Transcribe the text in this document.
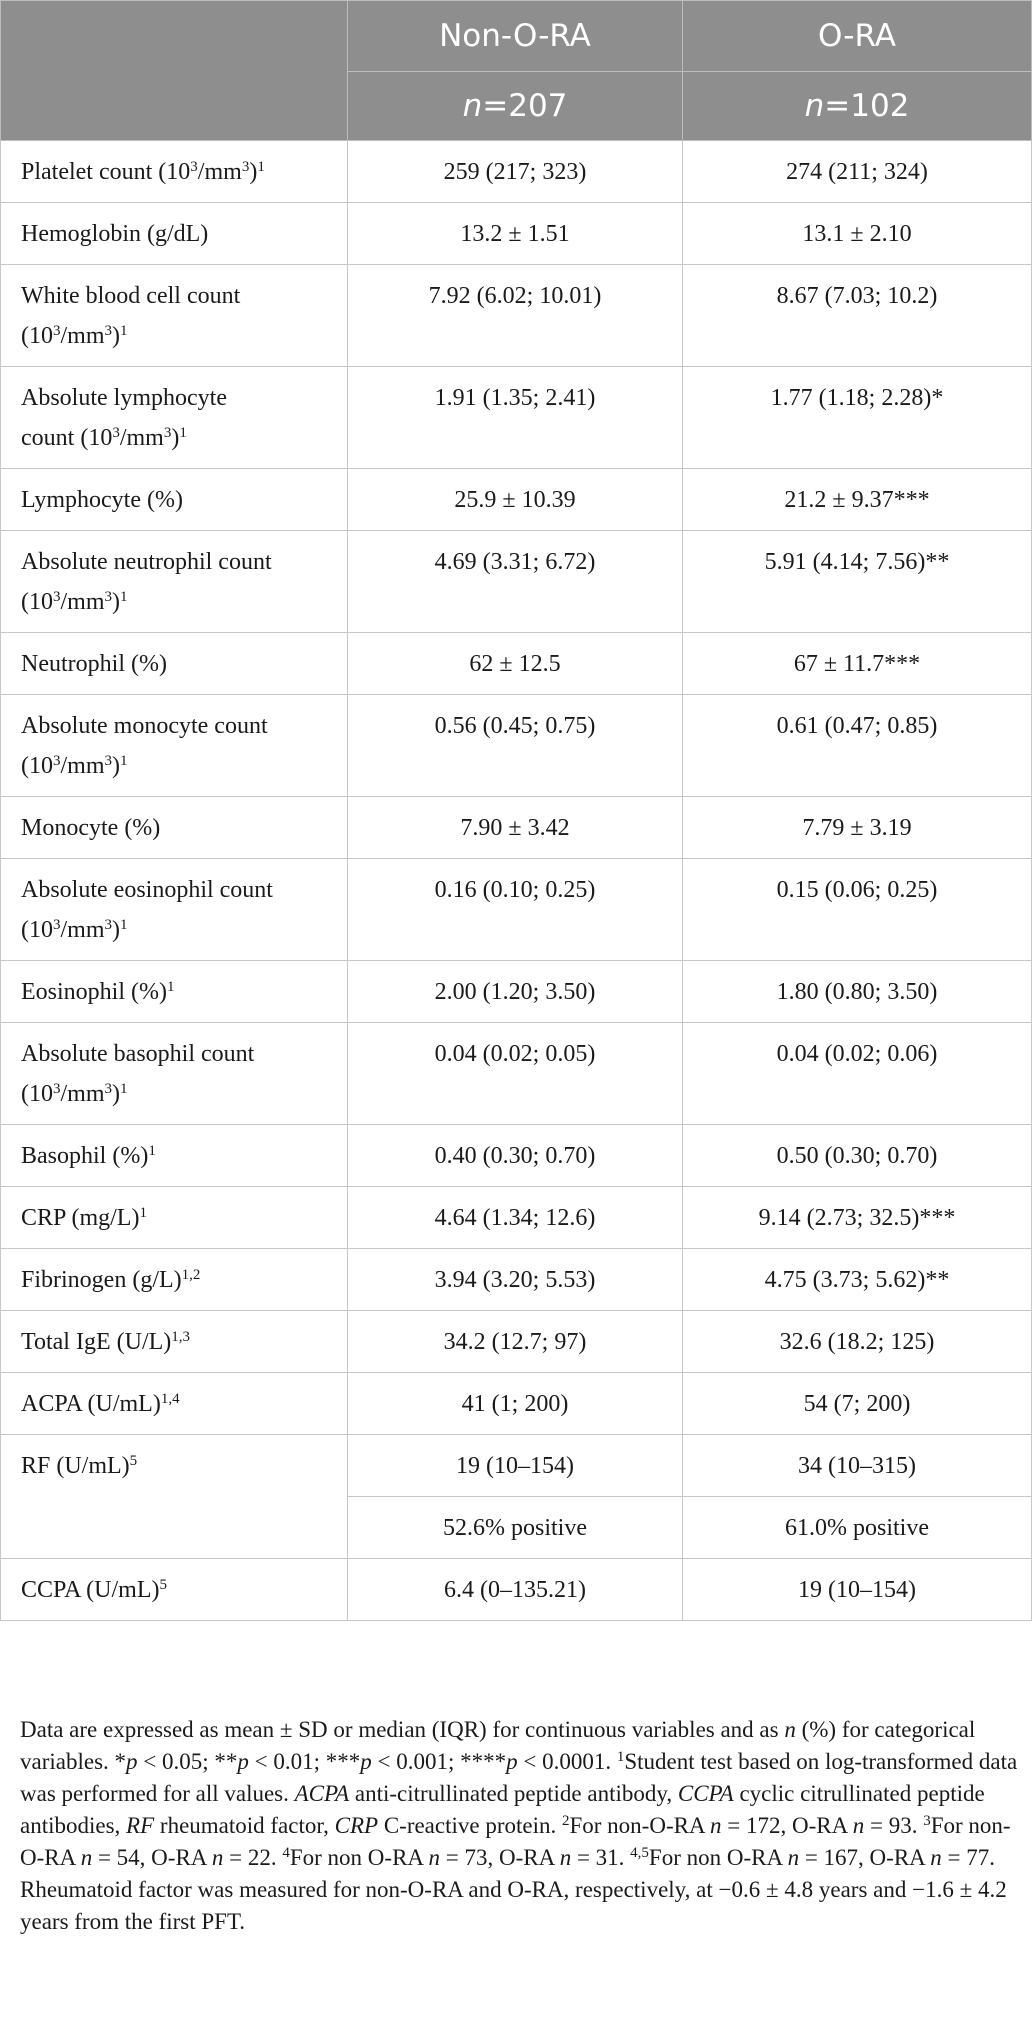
	Non-O-RA	O-RA
	n=207	n=102

Platelet count $(10^3/mm^3)^1$	259 (217; 323)	274 (211; 324)

Hemoglobin (g/dL)	13.2 ± 1.51	13.1 ± 2.10

White blood cell count
$(10^3/mm^3)^1$	7.92 (6.02; 10.01)	8.67 (7.03; 10.2)

Absolute lymphocyte
count $(10^3/mm^3)^1$	1.91 (1.35; 2.41)	1.77 (1.18; 2.28)*

Lymphocyte (%)	25.9 ± 10.39	21.2 ± 9.37***

Absolute neutrophil count
$(10^3/mm^3)^1$	4.69 (3.31; 6.72)	5.91 (4.14; 7.56)**

Neutrophil (%)	62 ± 12.5	67 ± 11.7***

Absolute monocyte count
$(10^3/mm^3)^1$	0.56 (0.45; 0.75)	0.61 (0.47; 0.85)

Monocyte (%)	7.90 ± 3.42	7.79 ± 3.19

Absolute eosinophil count
$(10^3/mm^3)^1$	0.16 (0.10; 0.25)	0.15 (0.06; 0.25)

Eosinophil (%)$^1$	2.00 (1.20; 3.50)	1.80 (0.80; 3.50)

Absolute basophil count
$(10^3/mm^3)^1$	0.04 (0.02; 0.05)	0.04 (0.02; 0.06)

Basophil (%)$^1$	0.40 (0.30; 0.70)	0.50 (0.30; 0.70)

CRP $(mg/L)^1$	4.64 (1.34; 12.6)	9.14 (2.73; 32.5)***

Fibrinogen $(g/L)^{1,2}$	3.94 (3.20; 5.53)	4.75 (3.73; 5.62)**

Total IgE $(U/L)^{1,3}$	34.2 (12.7; 97)	32.6 (18.2; 125)

ACPA $(U/mL)^{1,4}$	41 (1; 200)	54 (7; 200)

RF $(U/mL)^5$	19 (10–154)	34 (10–315)

	52.6% positive	61.0% positive

CCPA $(U/mL)^5$	6.4 (0–135.21)	19 (10–154)
Data are expressed as mean ± SD or median (IQR) for continuous variables and as n (%) for categorical variables. *p < 0.05; **p < 0.01; ***p < 0.001; ****p < 0.0001. $^1$Student test based on log-transformed data was performed for all values. ACPA anti-citrullinated peptide antibody, CCPA cyclic citrullinated peptide antibodies, RF rheumatoid factor, CRP C-reactive protein. $^2$For non-O-RA n = 172, O-RA n = 93. $^3$For non-O-RA n = 54, O-RA n = 22. $^4$For non O-RA n = 73, O-RA n = 31. $^{4,5}$For non O-RA n = 167, O-RA n = 77. Rheumatoid factor was measured for non-O-RA and O-RA, respectively, at −0.6 ± 4.8 years and −1.6 ± 4.2 years from the first PFT.
